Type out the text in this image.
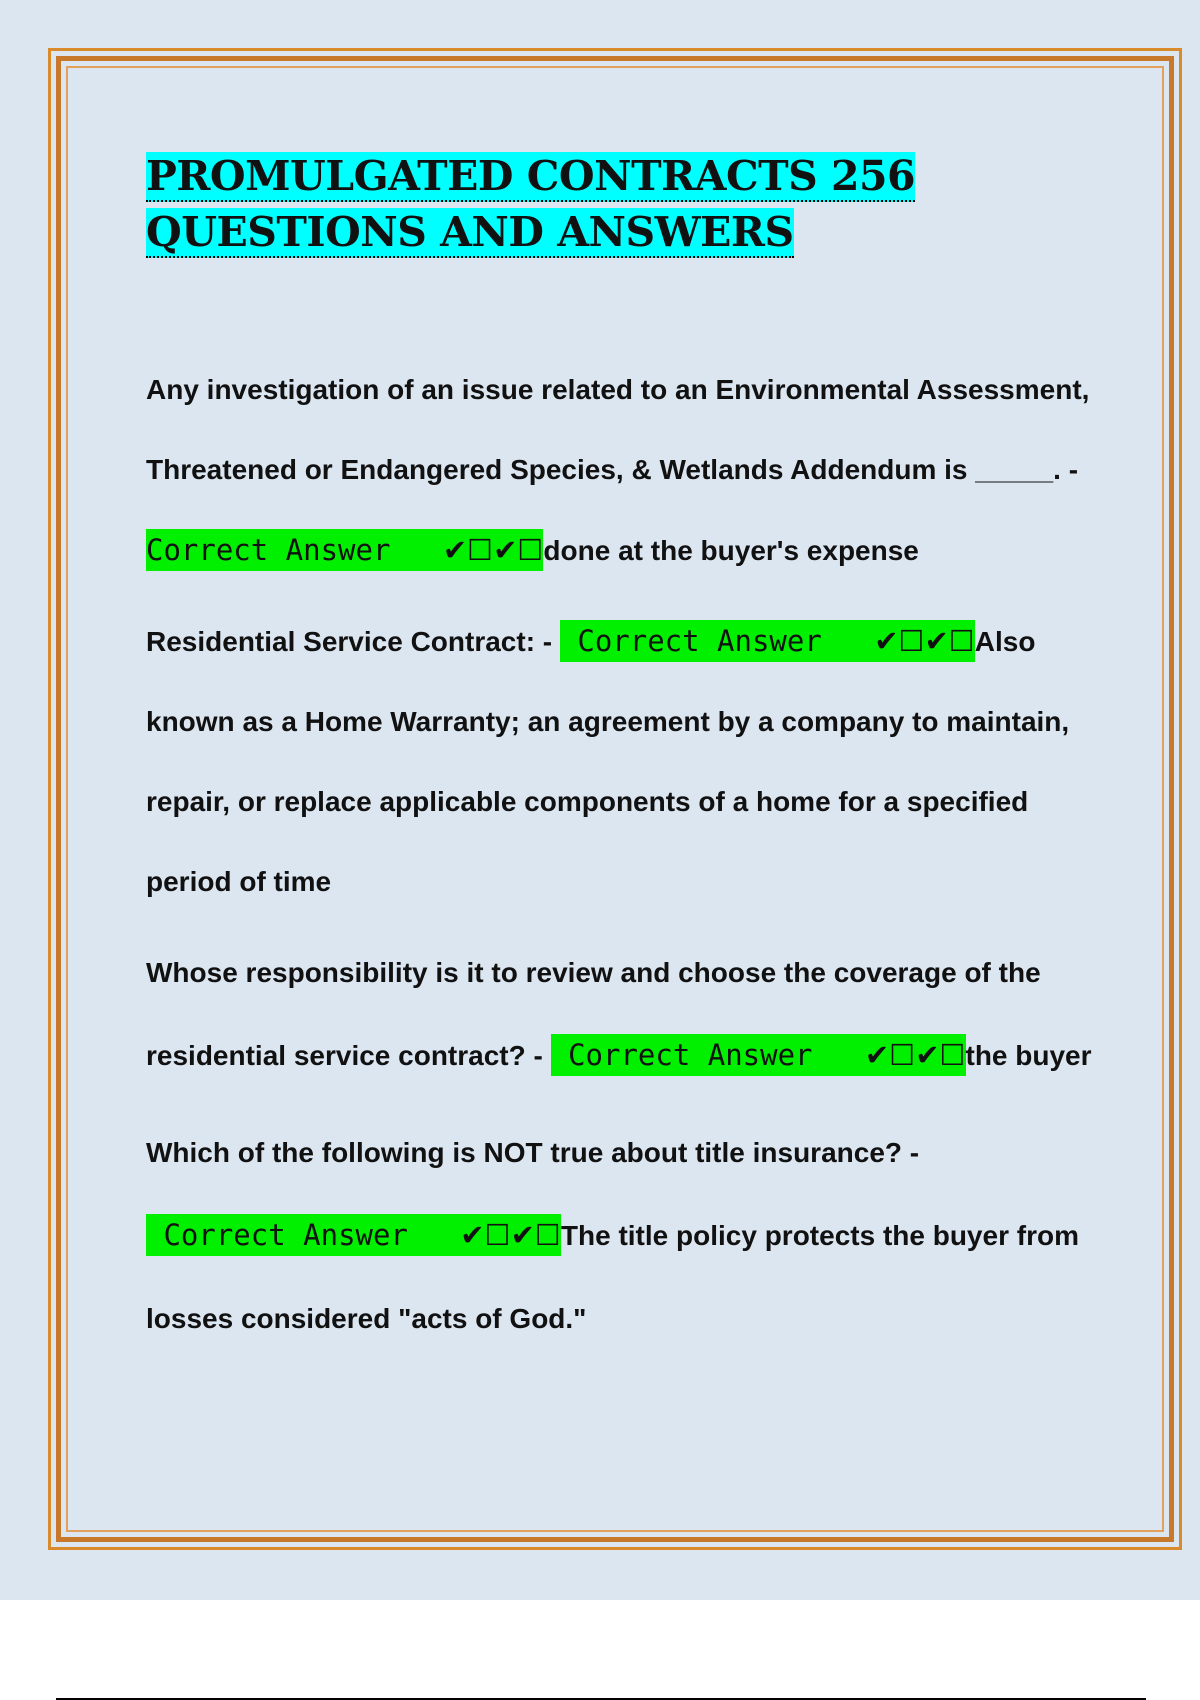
PROMULGATED CONTRACTS 256
QUESTIONS AND ANSWERS

Any investigation of an issue related to an Environmental Assessment, Threatened or Endangered Species, & Wetlands Addendum is _____. - Correct Answer ✔☐✔☐done at the buyer's expense

Residential Service Contract: -  Correct Answer ✔☐✔☐Also known as a Home Warranty; an agreement by a company to maintain, repair, or replace applicable components of a home for a specified period of time

Whose responsibility is it to review and choose the coverage of the residential service contract? -  Correct Answer ✔☐✔☐the buyer

Which of the following is NOT true about title insurance? -  Correct Answer ✔☐✔☐The title policy protects the buyer from losses considered "acts of God."
